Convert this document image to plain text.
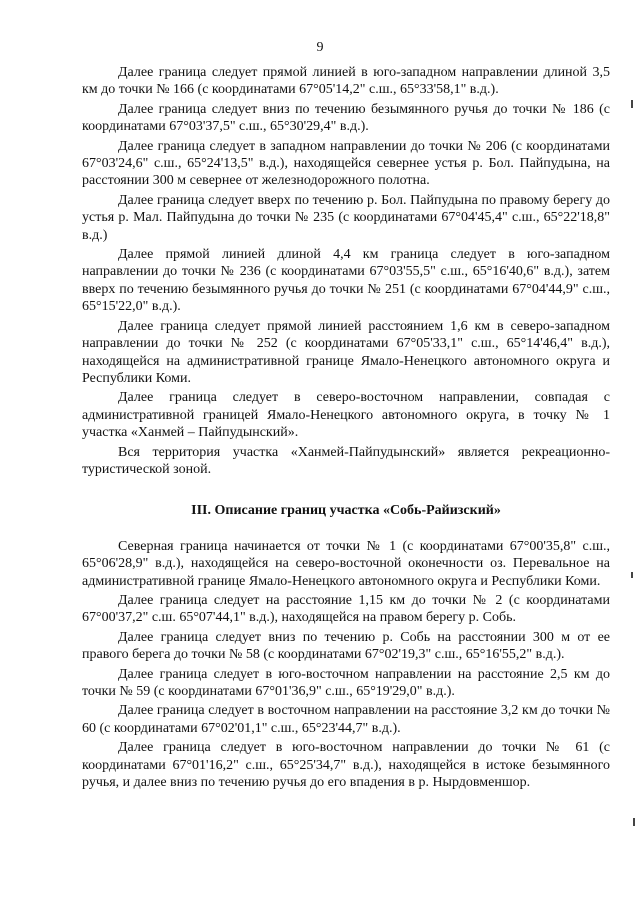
9

Далее граница следует прямой линией в юго-западном направлении длиной 3,5 км до точки № 166 (с координатами 67°05'14,2" с.ш., 65°33'58,1" в.д.).

Далее граница следует вниз по течению безымянного ручья до точки № 186 (с координатами 67°03'37,5" с.ш., 65°30'29,4" в.д.).

Далее граница следует в западном направлении до точки № 206 (с координатами 67°03'24,6" с.ш., 65°24'13,5" в.д.), находящейся севернее устья р. Бол. Пайпудына, на расстоянии 300 м севернее от железнодорожного полотна.

Далее граница следует вверх по течению р. Бол. Пайпудына по правому берегу до устья р. Мал. Пайпудына до точки № 235 (с координатами 67°04'45,4" с.ш., 65°22'18,8" в.д.)

Далее прямой линией длиной 4,4 км граница следует в юго-западном направлении до точки № 236 (с координатами 67°03'55,5" с.ш., 65°16'40,6" в.д.), затем вверх по течению безымянного ручья до точки № 251 (с координатами 67°04'44,9" с.ш., 65°15'22,0" в.д.).

Далее граница следует прямой линией расстоянием 1,6 км в северо-западном направлении до точки № 252 (с координатами 67°05'33,1" с.ш., 65°14'46,4" в.д.), находящейся на административной границе Ямало-Ненецкого автономного округа и Республики Коми.

Далее граница следует в северо-восточном направлении, совпадая с административной границей Ямало-Ненецкого автономного округа, в точку № 1 участка «Ханмей – Пайпудынский».

Вся территория участка «Ханмей-Пайпудынский» является рекреационно-туристической зоной.

III. Описание границ участка «Собь-Райизский»

Северная граница начинается от точки № 1 (с координатами 67°00'35,8" с.ш., 65°06'28,9" в.д.), находящейся на северо-восточной оконечности оз. Перевальное на административной границе Ямало-Ненецкого автономного округа и Республики Коми.

Далее граница следует на расстояние 1,15 км до точки № 2 (с координатами 67°00'37,2" с.ш. 65°07'44,1" в.д.), находящейся на правом берегу р. Собь.

Далее граница следует вниз по течению р. Собь на расстоянии 300 м от ее правого берега до точки № 58 (с координатами 67°02'19,3" с.ш., 65°16'55,2" в.д.).

Далее граница следует в юго-восточном направлении на расстояние 2,5 км до точки № 59 (с координатами 67°01'36,9" с.ш., 65°19'29,0" в.д.).

Далее граница следует в восточном направлении на расстояние 3,2 км до точки № 60 (с координатами 67°02'01,1" с.ш., 65°23'44,7" в.д.).

Далее граница следует в юго-восточном направлении до точки № 61 (с координатами 67°01'16,2" с.ш., 65°25'34,7" в.д.), находящейся в истоке безымянного ручья, и далее вниз по течению ручья до его впадения в р. Нырдовменшор.
